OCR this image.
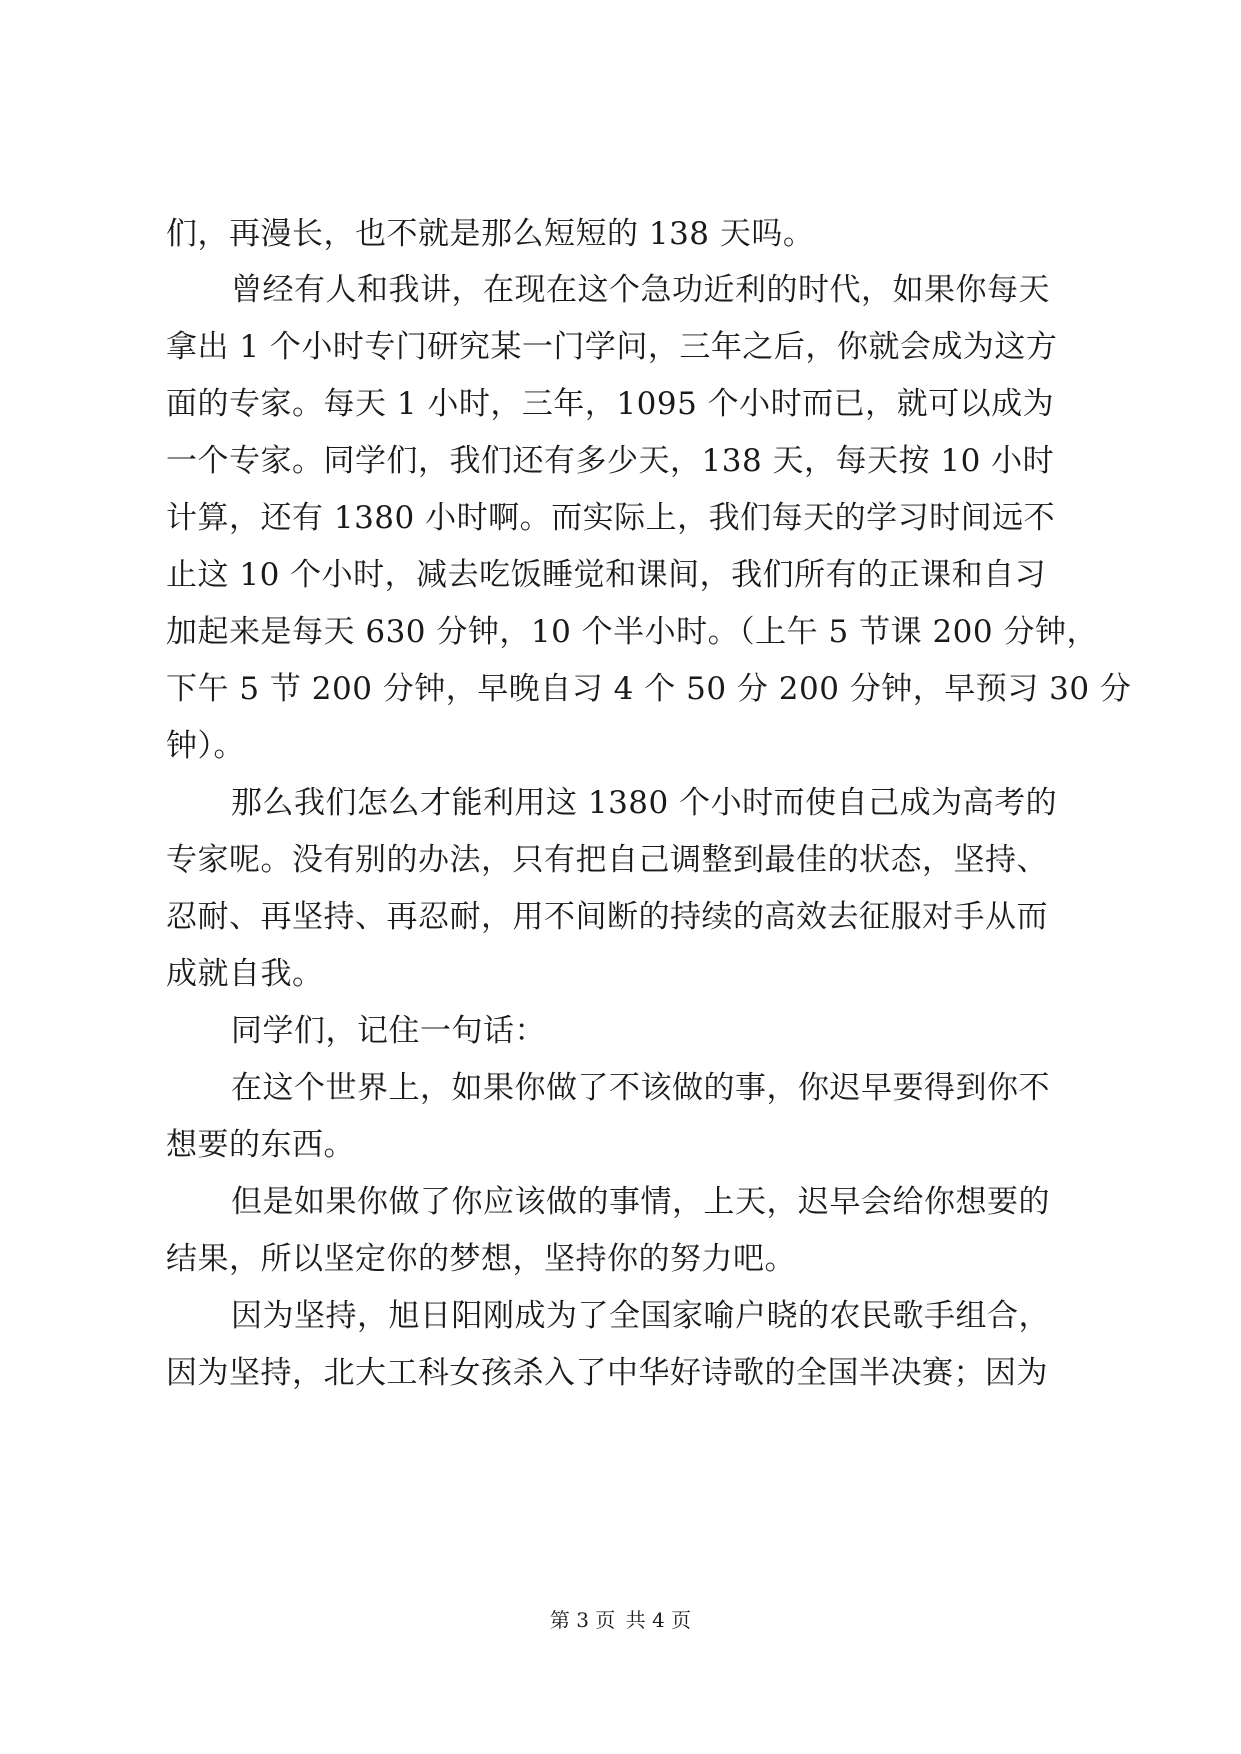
们，再漫长，也不就是那么短短的 138 天吗。
曾经有人和我讲，在现在这个急功近利的时代，如果你每天
拿出 1 个小时专门研究某一门学问，三年之后，你就会成为这方
面的专家。每天 1 小时，三年，1095 个小时而已，就可以成为
一个专家。同学们，我们还有多少天，138 天，每天按 10 小时
计算，还有 1380 小时啊。而实际上，我们每天的学习时间远不
止这 10 个小时，减去吃饭睡觉和课间，我们所有的正课和自习
加起来是每天 630 分钟，10 个半小时。（上午 5 节课 200 分钟，
下午 5 节 200 分钟，早晚自习 4 个 50 分 200 分钟，早预习 30 分
钟）。
那么我们怎么才能利用这 1380 个小时而使自己成为高考的
专家呢。没有别的办法，只有把自己调整到最佳的状态，坚持、
忍耐、再坚持、再忍耐，用不间断的持续的高效去征服对手从而
成就自我。
同学们，记住一句话：
在这个世界上，如果你做了不该做的事，你迟早要得到你不
想要的东西。
但是如果你做了你应该做的事情，上天，迟早会给你想要的
结果，所以坚定你的梦想，坚持你的努力吧。
因为坚持，旭日阳刚成为了全国家喻户晓的农民歌手组合，
因为坚持，北大工科女孩杀入了中华好诗歌的全国半决赛；因为
第 3 页 共 4 页
